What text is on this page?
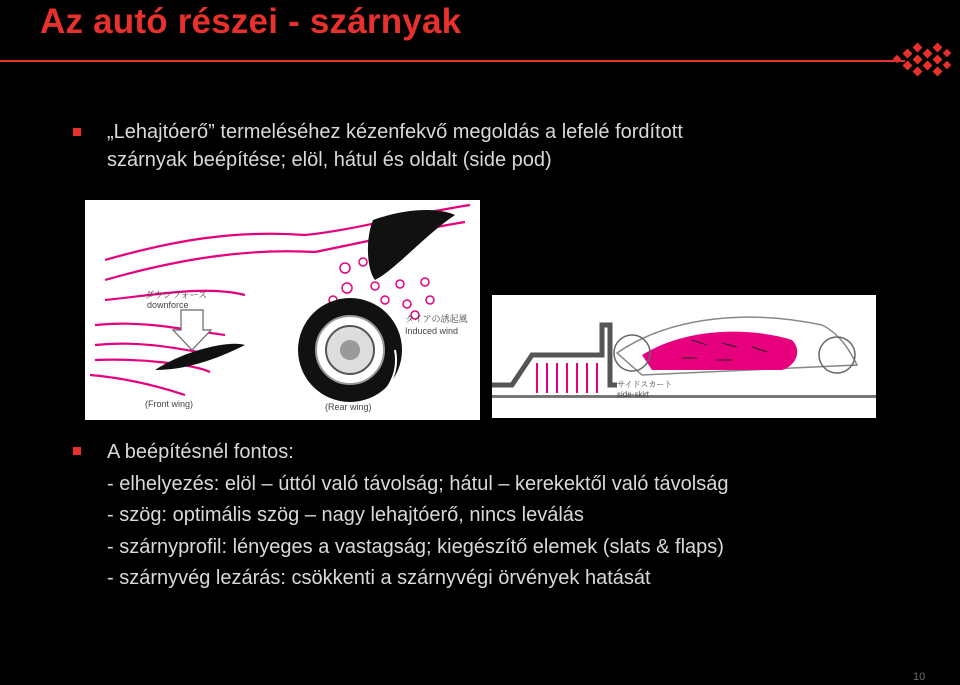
Az autó részei - szárnyak
„Lehajtóerő” termeléséhez kézenfekvő megoldás a lefelé fordított
szárnyak beépítése; elöl, hátul és oldalt (side pod)
ダウンフォース
downforce
タイアの誘起風
Induced wind
(Front wing)	(Rear wing)
サイドスカート
side-skirt
A beépítésnél fontos:
- elhelyezés: elöl – úttól való távolság; hátul – kerekektől való távolság
- szög: optimális szög – nagy lehajtóerő, nincs leválás
- szárnyprofil: lényeges a vastagság; kiegészítő elemek (slats & flaps)
- szárnyvég lezárás: csökkenti a szárnyvégi örvények hatását
10
